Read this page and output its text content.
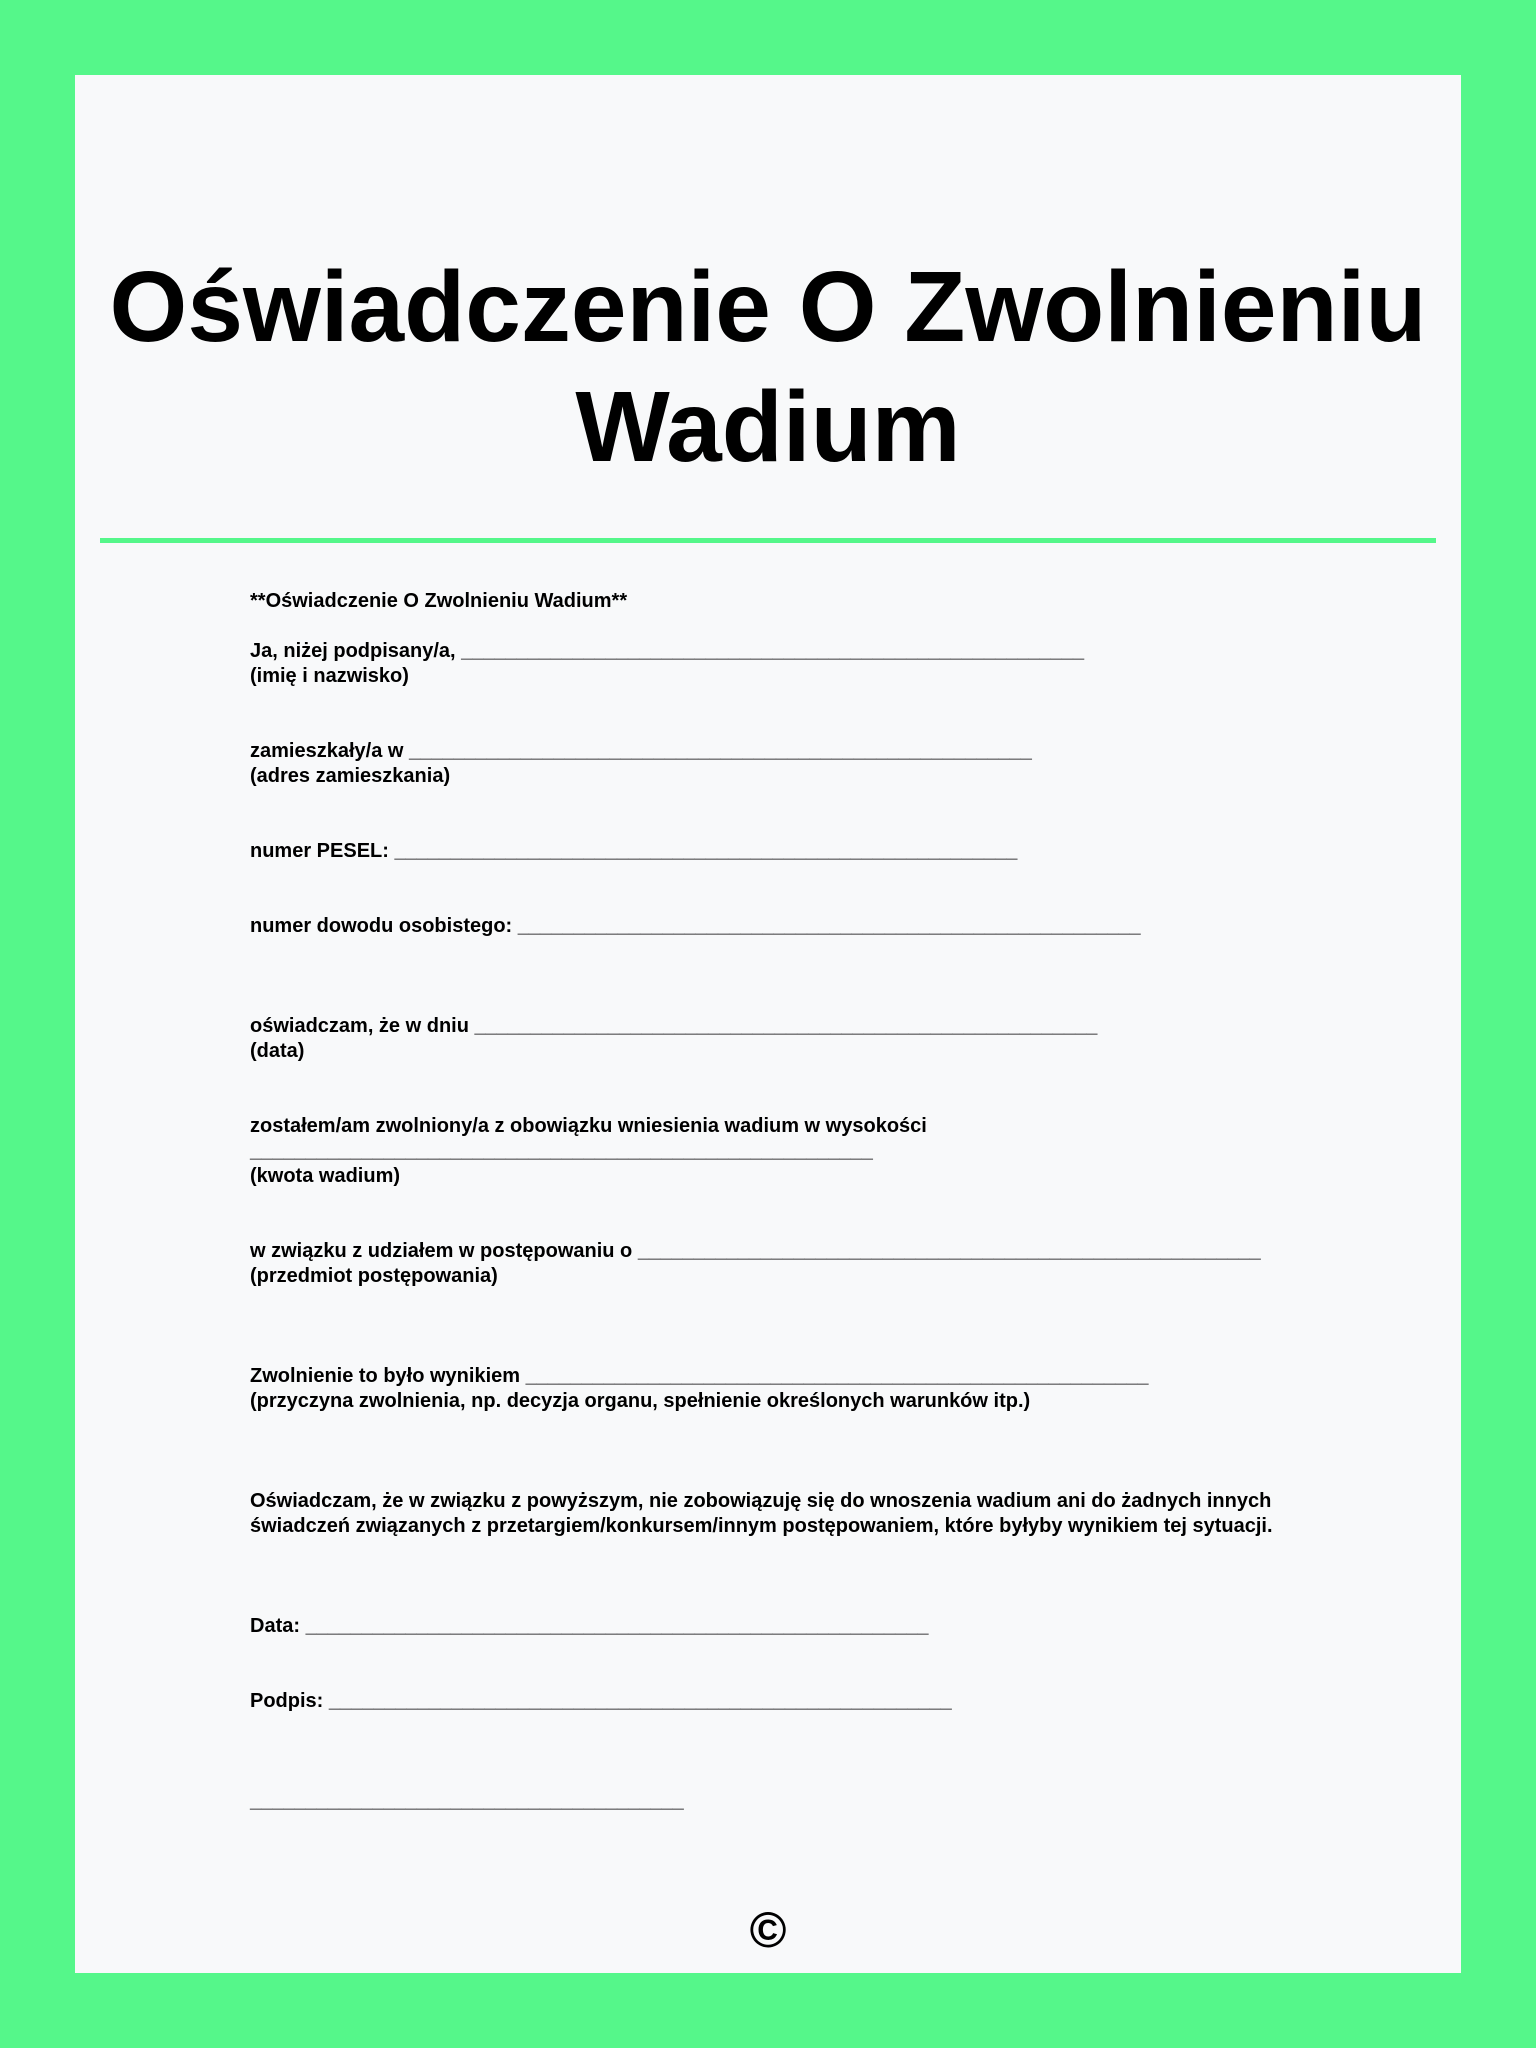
Oświadczenie O Zwolnieniu
Wadium
**Oświadczenie O Zwolnieniu Wadium**
Ja, niżej podpisany/a, ________________________________________________________
(imię i nazwisko)
zamieszkały/a w ________________________________________________________
(adres zamieszkania)
numer PESEL: ________________________________________________________
numer dowodu osobistego: ________________________________________________________
oświadczam, że w dniu ________________________________________________________
(data)
zostałem/am zwolniony/a z obowiązku wniesienia wadium w wysokości
________________________________________________________
(kwota wadium)
w związku z udziałem w postępowaniu o ________________________________________________________
(przedmiot postępowania)
Zwolnienie to było wynikiem ________________________________________________________
(przyczyna zwolnienia, np. decyzja organu, spełnienie określonych warunków itp.)
Oświadczam, że w związku z powyższym, nie zobowiązuję się do wnoszenia wadium ani do żadnych innych
świadczeń związanych z przetargiem/konkursem/innym postępowaniem, które byłyby wynikiem tej sytuacji.
Data: ________________________________________________________
Podpis: ________________________________________________________
_______________________________________
©
